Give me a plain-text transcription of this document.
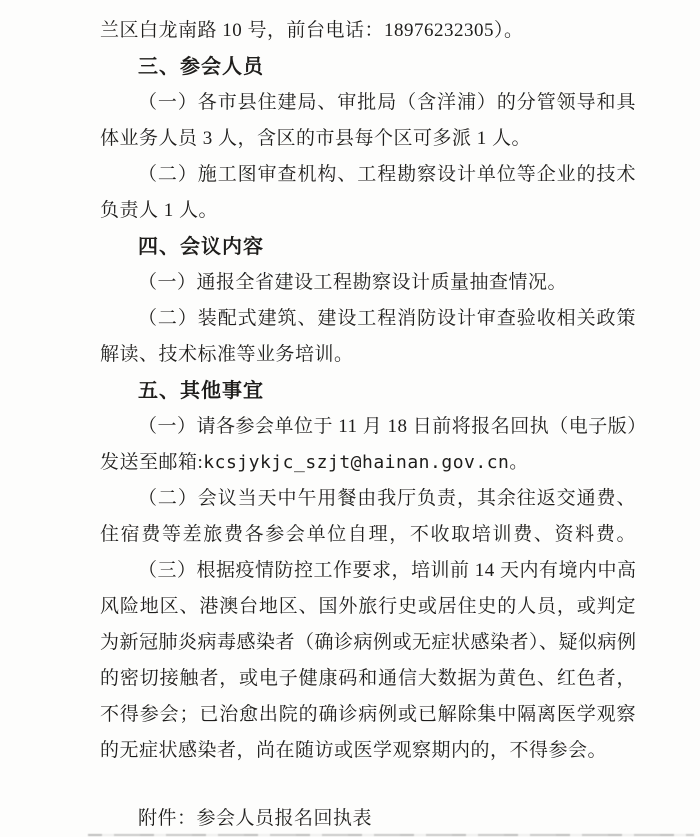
兰区白龙南路 10 号，前台电话：18976232305）。
三、参会人员
（一）各市县住建局、审批局（含洋浦）的分管领导和具
体业务人员 3 人，含区的市县每个区可多派 1 人。
（二）施工图审查机构、工程勘察设计单位等企业的技术
负责人 1 人。
四、会议内容
（一）通报全省建设工程勘察设计质量抽查情况。
（二）装配式建筑、建设工程消防设计审查验收相关政策
解读、技术标准等业务培训。
五、其他事宜
（一）请各参会单位于 11 月 18 日前将报名回执（电子版）
发送至邮箱:kcsjykjc_szjt@hainan.gov.cn。
（二）会议当天中午用餐由我厅负责，其余往返交通费、
住宿费等差旅费各参会单位自理，不收取培训费、资料费。
（三）根据疫情防控工作要求，培训前 14 天内有境内中高
风险地区、港澳台地区、国外旅行史或居住史的人员，或判定
为新冠肺炎病毒感染者（确诊病例或无症状感染者）、疑似病例
的密切接触者，或电子健康码和通信大数据为黄色、红色者，
不得参会；已治愈出院的确诊病例或已解除集中隔离医学观察
的无症状感染者，尚在随访或医学观察期内的，不得参会。
附件：参会人员报名回执表
